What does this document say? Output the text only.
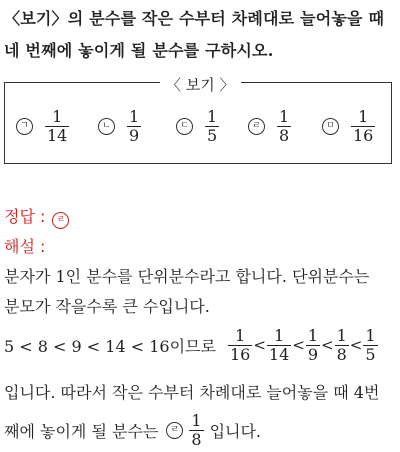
〈보기〉의 분수를 작은 수부터 차례대로 늘어놓을 때
네 번째에 놓이게 될 분수를 구하시오.
〈 보기 〉
ㄱ $\frac{1}{14}$	ㄴ $\frac{1}{9}$	ㄷ $\frac{1}{5}$	ㄹ $\frac{1}{8}$	ㅁ $\frac{1}{16}$
정답 : ㄹ
해설 :
분자가 1인 분수를 단위분수라고 합니다. 단위분수는
분모가 작을수록 큰 수입니다.
5 < 8 < 9 < 14 < 16이므로 $\frac{1}{16} < \frac{1}{14} < \frac{1}{9} < \frac{1}{8} < \frac{1}{5}$
입니다. 따라서 작은 수부터 차례대로 늘어놓을 때 4번
째에 놓이게 될 분수는	ㄹ $\frac{1}{8}$ 입니다.
